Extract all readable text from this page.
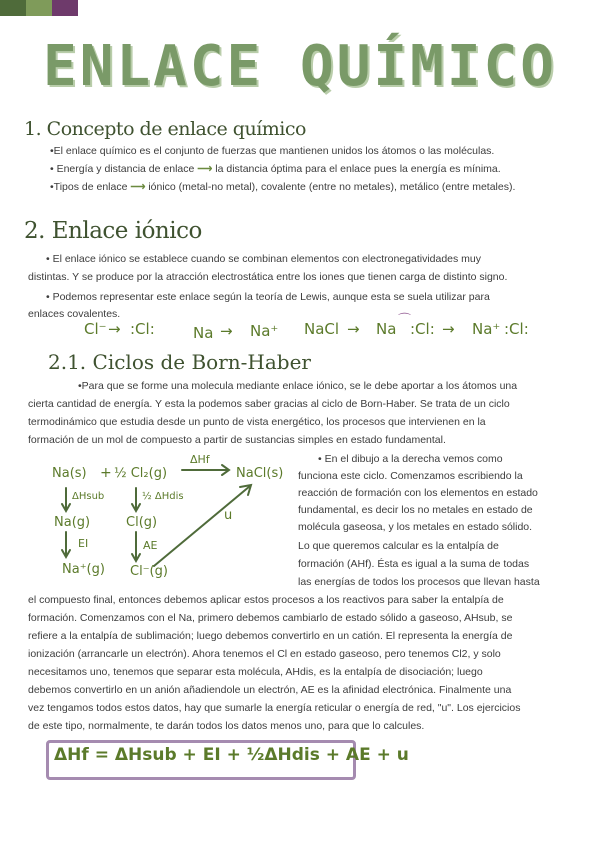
ENLACE QUÍMICO
1. Concepto de enlace químico
•El enlace químico es el conjunto de fuerzas que mantienen unidos los átomos o las moléculas.
• Energía y distancia de enlace ⟶ la distancia óptima para el enlace pues la energía es mínima.
•Tipos de enlace ⟶ iónico (metal-no metal), covalente (entre no metales), metálico (entre metales).
2. Enlace iónico
• El enlace iónico se establece cuando se combinan elementos con electronegatividades muy
distintas. Y se produce por la atracción electrostática entre los iones que tienen carga de distinto signo.
• Podemos representar este enlace según la teoría de Lewis, aunque esta se suela utilizar para
enlaces covalentes.
Cl⁻ → :Cl:	Na → Na⁺ NaCl → Na ⌒
:Cl: → Na⁺ :Cl:
2.1. Ciclos de Born-Haber
•Para que se forme una molecula mediante enlace iónico, se le debe aportar a los átomos una
cierta cantidad de energía. Y esta la podemos saber gracias al ciclo de Born-Haber. Se trata de un ciclo
termodinámico que estudia desde un punto de vista energético, los procesos que intervienen en la
formación de un mol de compuesto a partir de sustancias simples en estado fundamental.
• En el dibujo a la derecha vemos como
funciona este ciclo. Comenzamos escribiendo la
reacción de formación con los elementos en estado
fundamental, es decir los no metales en estado de
molécula gaseosa, y los metales en estado sólido.
Lo que queremos calcular es la entalpía de
formación (AHf). Ésta es igual a la suma de todas
las energías de todos los procesos que llevan hasta
Na(s) + ½ Cl₂(g)
ΔHf
NaCl(s)
ΔHsub	½ ΔHdis
Na(g)	Cl(g)
EI	AE
Na⁺(g) Cl⁻(g)
u
el compuesto final, entonces debemos aplicar estos procesos a los reactivos para saber la entalpía de
formación. Comenzamos con el Na, primero debemos cambiarlo de estado sólido a gaseoso, AHsub, se
refiere a la entalpía de sublimación; luego debemos convertirlo en un catión. El representa la energía de
ionización (arrancarle un electrón). Ahora tenemos el Cl en estado gaseoso, pero tenemos Cl2, y solo
necesitamos uno, tenemos que separar esta molécula, AHdis, es la entalpía de disociación; luego
debemos convertirlo en un anión añadiendole un electrón, AE es la afinidad electrónica. Finalmente una
vez tengamos todos estos datos, hay que sumarle la energía reticular o energía de red, "u". Los ejercicios
de este tipo, normalmente, te darán todos los datos menos uno, para que lo calcules.
ΔHf = ΔHsub + EI + ½ΔHdis + AE + u
